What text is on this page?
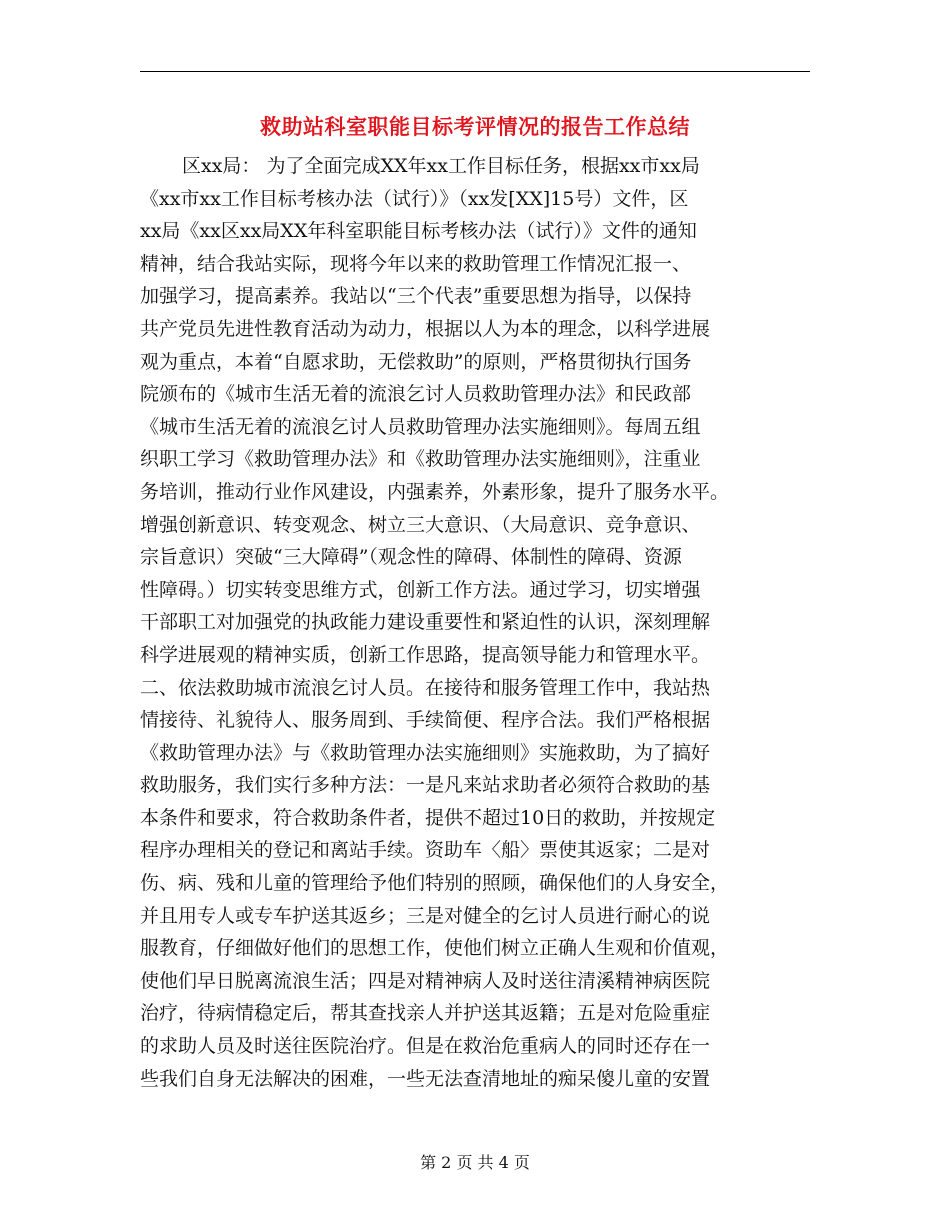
救助站科室职能目标考评情况的报告工作总结
区xx局： 为了全面完成XX年xx工作目标任务，根据xx市xx局
《xx市xx工作目标考核办法（试行）》（xx发[XX]15号）文件，区
xx局《xx区xx局XX年科室职能目标考核办法（试行）》文件的通知
精神，结合我站实际，现将今年以来的救助管理工作情况汇报一、
加强学习，提高素养。我站以“三个代表”重要思想为指导，以保持
共产党员先进性教育活动为动力，根据以人为本的理念，以科学进展
观为重点，本着“自愿求助，无偿救助”的原则，严格贯彻执行国务
院颁布的《城市生活无着的流浪乞讨人员救助管理办法》和民政部
《城市生活无着的流浪乞讨人员救助管理办法实施细则》。每周五组
织职工学习《救助管理办法》和《救助管理办法实施细则》，注重业
务培训，推动行业作风建设，内强素养，外素形象，提升了服务水平。
增强创新意识、转变观念、树立三大意识、（大局意识、竞争意识、
宗旨意识）突破“三大障碍”（观念性的障碍、体制性的障碍、资源
性障碍。）切实转变思维方式，创新工作方法。通过学习，切实增强
干部职工对加强党的执政能力建设重要性和紧迫性的认识，深刻理解
科学进展观的精神实质，创新工作思路，提高领导能力和管理水平。
二、依法救助城市流浪乞讨人员。在接待和服务管理工作中，我站热
情接待、礼貌待人、服务周到、手续简便、程序合法。我们严格根据
《救助管理办法》与《救助管理办法实施细则》实施救助，为了搞好
救助服务，我们实行多种方法：一是凡来站求助者必须符合救助的基
本条件和要求，符合救助条件者，提供不超过10日的救助，并按规定
程序办理相关的登记和离站手续。资助车〈船〉票使其返家；二是对
伤、病、残和儿童的管理给予他们特别的照顾，确保他们的人身安全，
并且用专人或专车护送其返乡；三是对健全的乞讨人员进行耐心的说
服教育，仔细做好他们的思想工作，使他们树立正确人生观和价值观，
使他们早日脱离流浪生活；四是对精神病人及时送往清溪精神病医院
治疗，待病情稳定后，帮其查找亲人并护送其返籍；五是对危险重症
的求助人员及时送往医院治疗。但是在救治危重病人的同时还存在一
些我们自身无法解决的困难，一些无法查清地址的痴呆傻儿童的安置
第 2 页 共 4 页
